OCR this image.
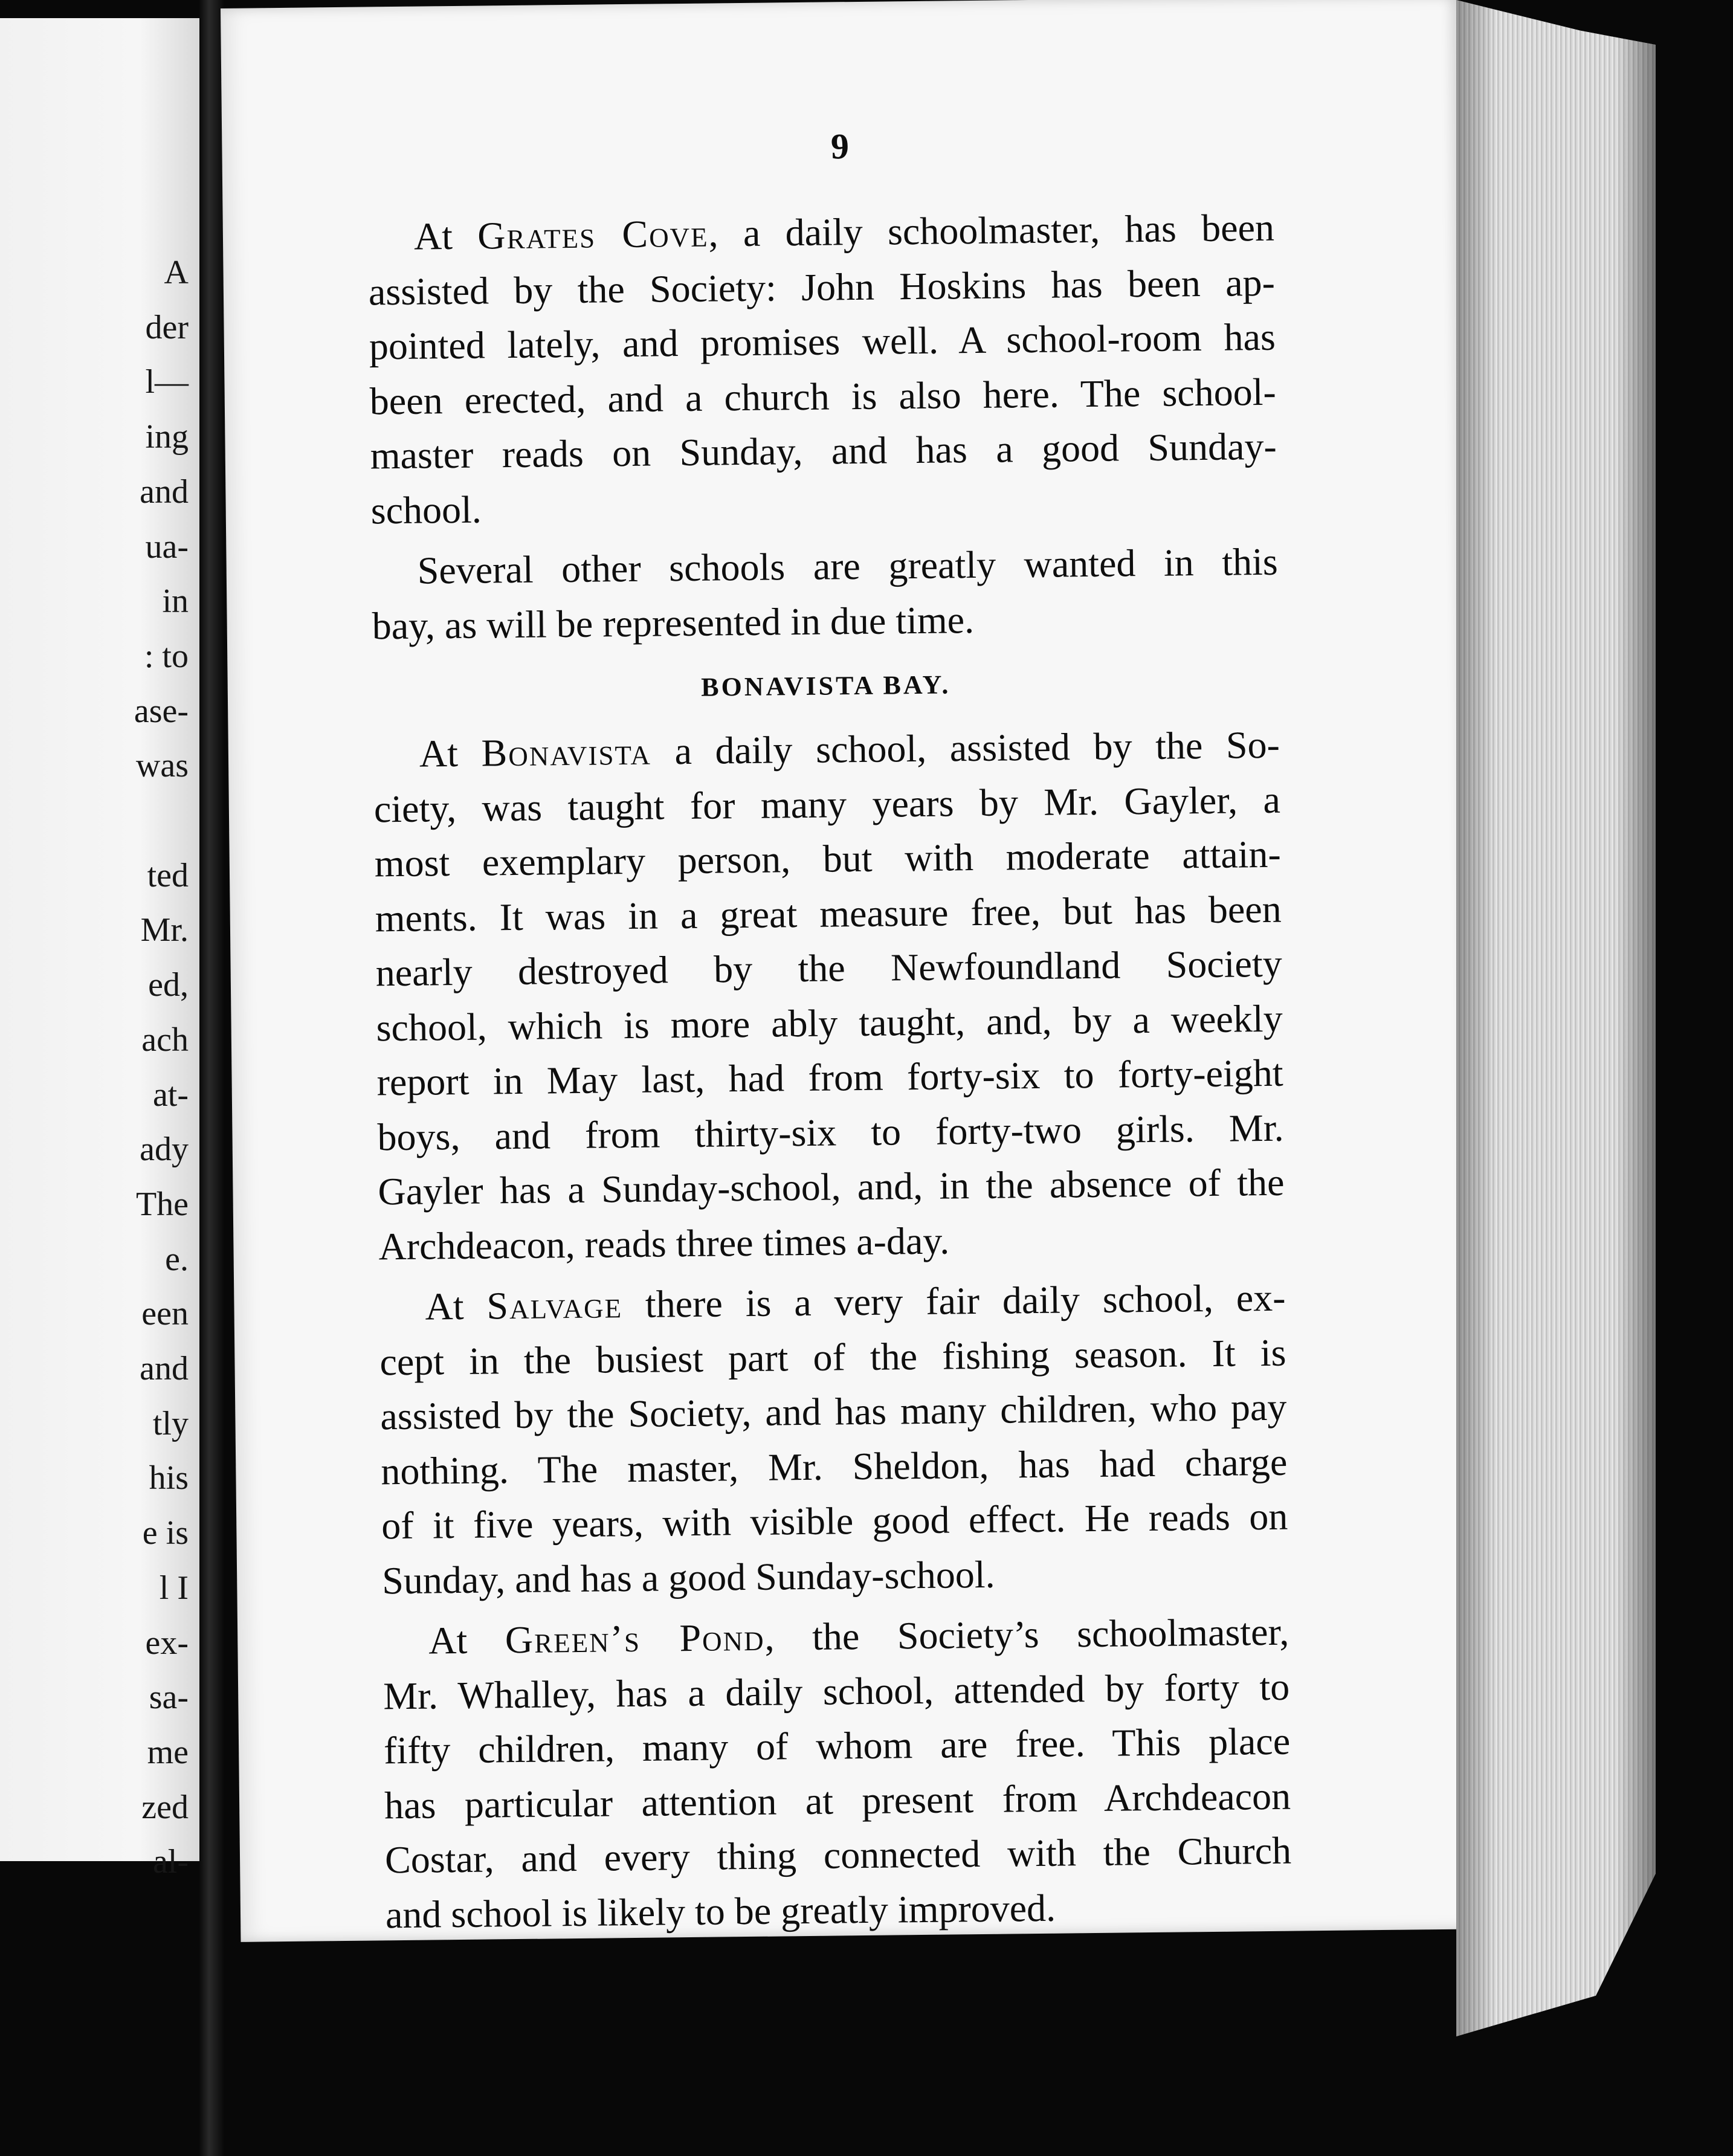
A
der
l—
ing
and
ua-
in
: to
ase-
was

ted
Mr.
ed,
ach
at-
ady
The
e.
een
and
tly
his
e is
l I
ex-
sa-
me
zed
al-
9
At Grates Cove, a daily schoolmaster, has been
assisted by the Society: John Hoskins has been ap-
pointed lately, and promises well. A school-room has
been erected, and a church is also here. The school-
master reads on Sunday, and has a good Sunday-
school.
Several other schools are greatly wanted in this
bay, as will be represented in due time.
BONAVISTA BAY.
At Bonavista a daily school, assisted by the So-
ciety, was taught for many years by Mr. Gayler, a
most exemplary person, but with moderate attain-
ments. It was in a great measure free, but has been
nearly destroyed by the Newfoundland Society
school, which is more ably taught, and, by a weekly
report in May last, had from forty-six to forty-eight
boys, and from thirty-six to forty-two girls. Mr.
Gayler has a Sunday-school, and, in the absence of the
Archdeacon, reads three times a-day.
At Salvage there is a very fair daily school, ex-
cept in the busiest part of the fishing season. It is
assisted by the Society, and has many children, who pay
nothing. The master, Mr. Sheldon, has had charge
of it five years, with visible good effect. He reads on
Sunday, and has a good Sunday-school.
At Green’s Pond, the Society’s schoolmaster,
Mr. Whalley, has a daily school, attended by forty to
fifty children, many of whom are free. This place
has particular attention at present from Archdeacon
Costar, and every thing connected with the Church
and school is likely to be greatly improved.
